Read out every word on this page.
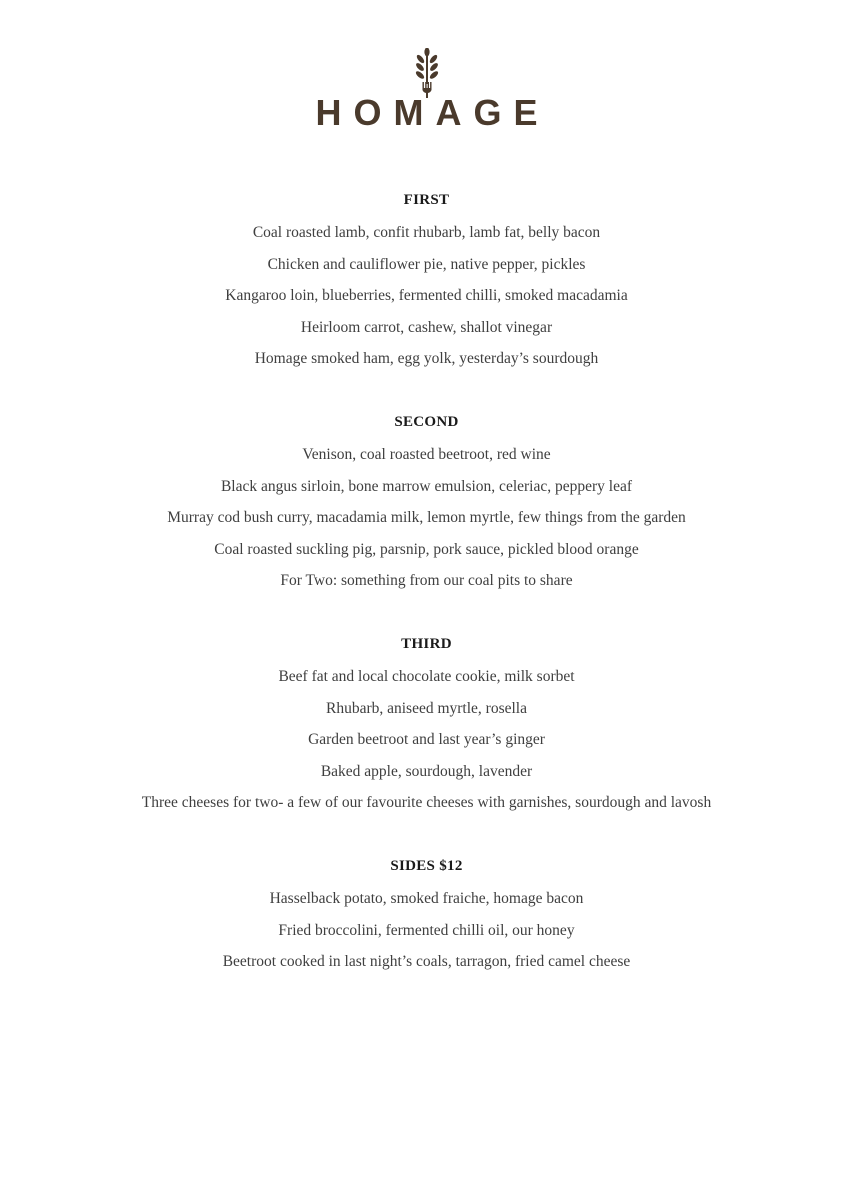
HOMAGE
FIRST
Coal roasted lamb, confit rhubarb, lamb fat, belly bacon
Chicken and cauliflower pie, native pepper, pickles
Kangaroo loin, blueberries, fermented chilli, smoked macadamia
Heirloom carrot, cashew, shallot vinegar
Homage smoked ham, egg yolk, yesterday’s sourdough
SECOND
Venison, coal roasted beetroot, red wine
Black angus sirloin, bone marrow emulsion, celeriac, peppery leaf
Murray cod bush curry, macadamia milk, lemon myrtle, few things from the garden
Coal roasted suckling pig, parsnip, pork sauce, pickled blood orange
For Two: something from our coal pits to share
THIRD
Beef fat and local chocolate cookie, milk sorbet
Rhubarb, aniseed myrtle, rosella
Garden beetroot and last year’s ginger
Baked apple, sourdough, lavender
Three cheeses for two- a few of our favourite cheeses with garnishes, sourdough and lavosh
SIDES $12
Hasselback potato, smoked fraiche, homage bacon
Fried broccolini, fermented chilli oil, our honey
Beetroot cooked in last night’s coals, tarragon, fried camel cheese
